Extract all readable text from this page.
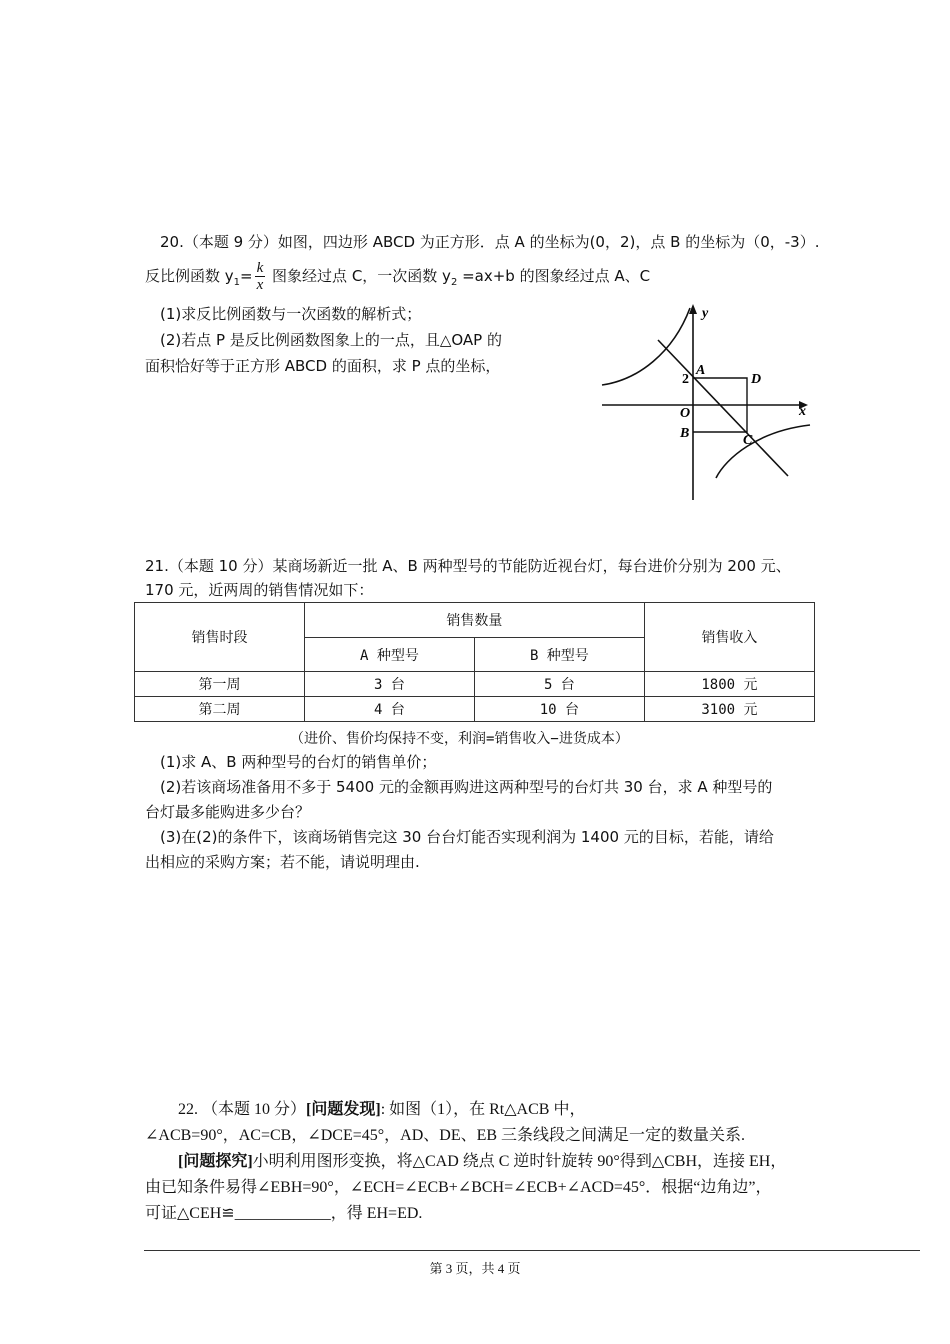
20.（本题 9 分）如图，四边形 ABCD 为正方形．点 A 的坐标为(0，2)，点 B 的坐标为（0，-3）.
反比例函数 $y_1= \frac{k}{x}$ 图象经过点 C，一次函数 $y_2 =ax+b$ 的图象经过点 A、C
(1)求反比例函数与一次函数的解析式；
(2)若点 P 是反比例函数图象上的一点，且△OAP 的
面积恰好等于正方形 ABCD 的面积，求 P 点的坐标，
y
x
A
D
2
O
B	C
21.（本题 10 分）某商场新近一批 A、B 两种型号的节能防近视台灯，每台进价分别为 200 元、
170 元，近两周的销售情况如下：
销售时段	销售数量		销售收入
	A 种型号	B 种型号	
第一周	3 台	5 台	1800 元
第二周	4 台	10 台	3100 元
（进价、售价均保持不变，利润=销售收入−进货成本）
(1)求 A、B 两种型号的台灯的销售单价；
(2)若该商场准备用不多于 5400 元的金额再购进这两种型号的台灯共 30 台，求 A 种型号的
台灯最多能购进多少台？
(3)在(2)的条件下，该商场销售完这 30 台台灯能否实现利润为 1400 元的目标，若能，请给
出相应的采购方案；若不能，请说明理由.
22. （本题 10 分）[问题发现]: 如图（1），在 Rt△ACB 中，
∠ACB=90°，AC=CB，∠DCE=45°，AD、DE、EB 三条线段之间满足一定的数量关系.
[问题探究]小明利用图形变换，将△CAD 绕点 C 逆时针旋转 90°得到△CBH，连接 EH，
由已知条件易得∠EBH=90°，∠ECH=∠ECB+∠BCH=∠ECB+∠ACD=45°．根据“边角边”，
可证△CEH≌____________，得 EH=ED.
第 3 页，共 4 页
